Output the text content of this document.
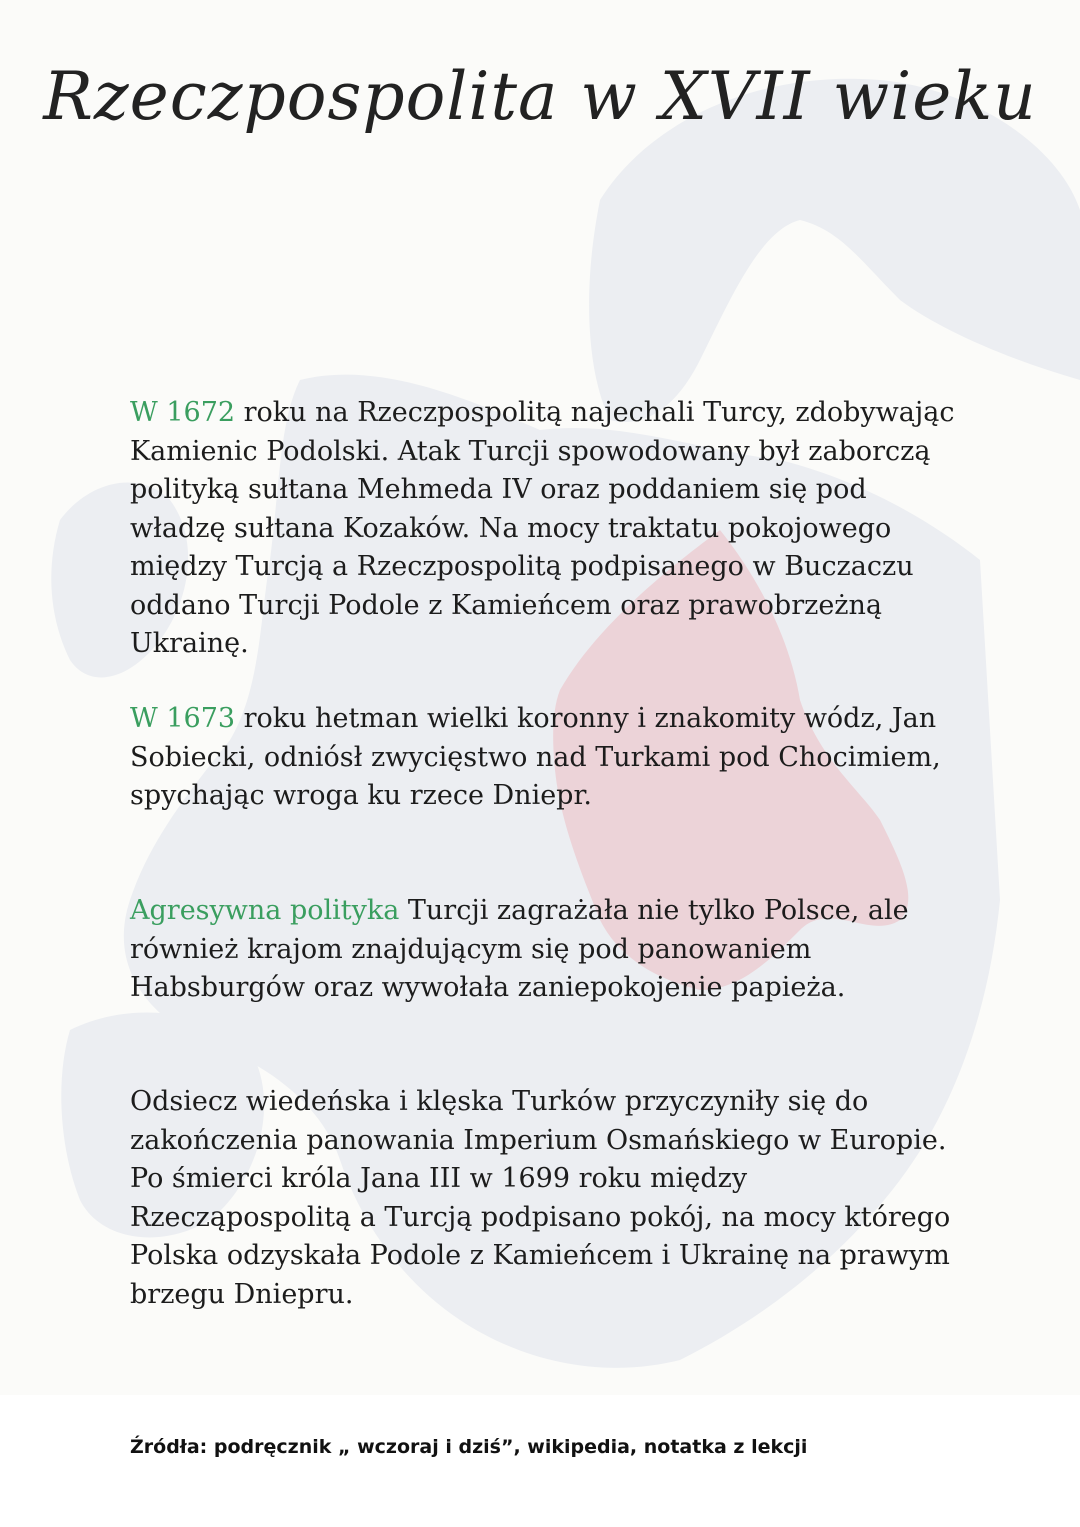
Rzeczpospolita w XVII wieku
W 1672 roku na Rzeczpospolitą najechali Turcy, zdobywając Kamienic Podolski. Atak Turcji spowodowany był zaborczą polityką sułtana Mehmeda IV oraz poddaniem się pod władzę sułtana Kozaków. Na mocy traktatu pokojowego między Turcją a Rzeczpospolitą podpisanego w Buczaczu oddano Turcji Podole z Kamieńcem oraz prawobrzeżną Ukrainę.
W 1673 roku hetman wielki koronny i znakomity wódz, Jan Sobiecki, odniósł zwycięstwo nad Turkami pod Chocimiem, spychając wroga ku rzece Dniepr.
Agresywna polityka Turcji zagrażała nie tylko Polsce, ale również krajom znajdującym się pod panowaniem Habsburgów oraz wywołała zaniepokojenie papieża.
Odsiecz wiedeńska i klęska Turków przyczyniły się do zakończenia panowania Imperium Osmańskiego w Europie. Po śmierci króla Jana III w 1699 roku między Rzecząpospolitą a Turcją podpisano pokój, na mocy którego Polska odzyskała Podole z Kamieńcem i Ukrainę na prawym brzegu Dniepru.
Źródła: podręcznik „ wczoraj i dziś”, wikipedia, notatka z lekcji
